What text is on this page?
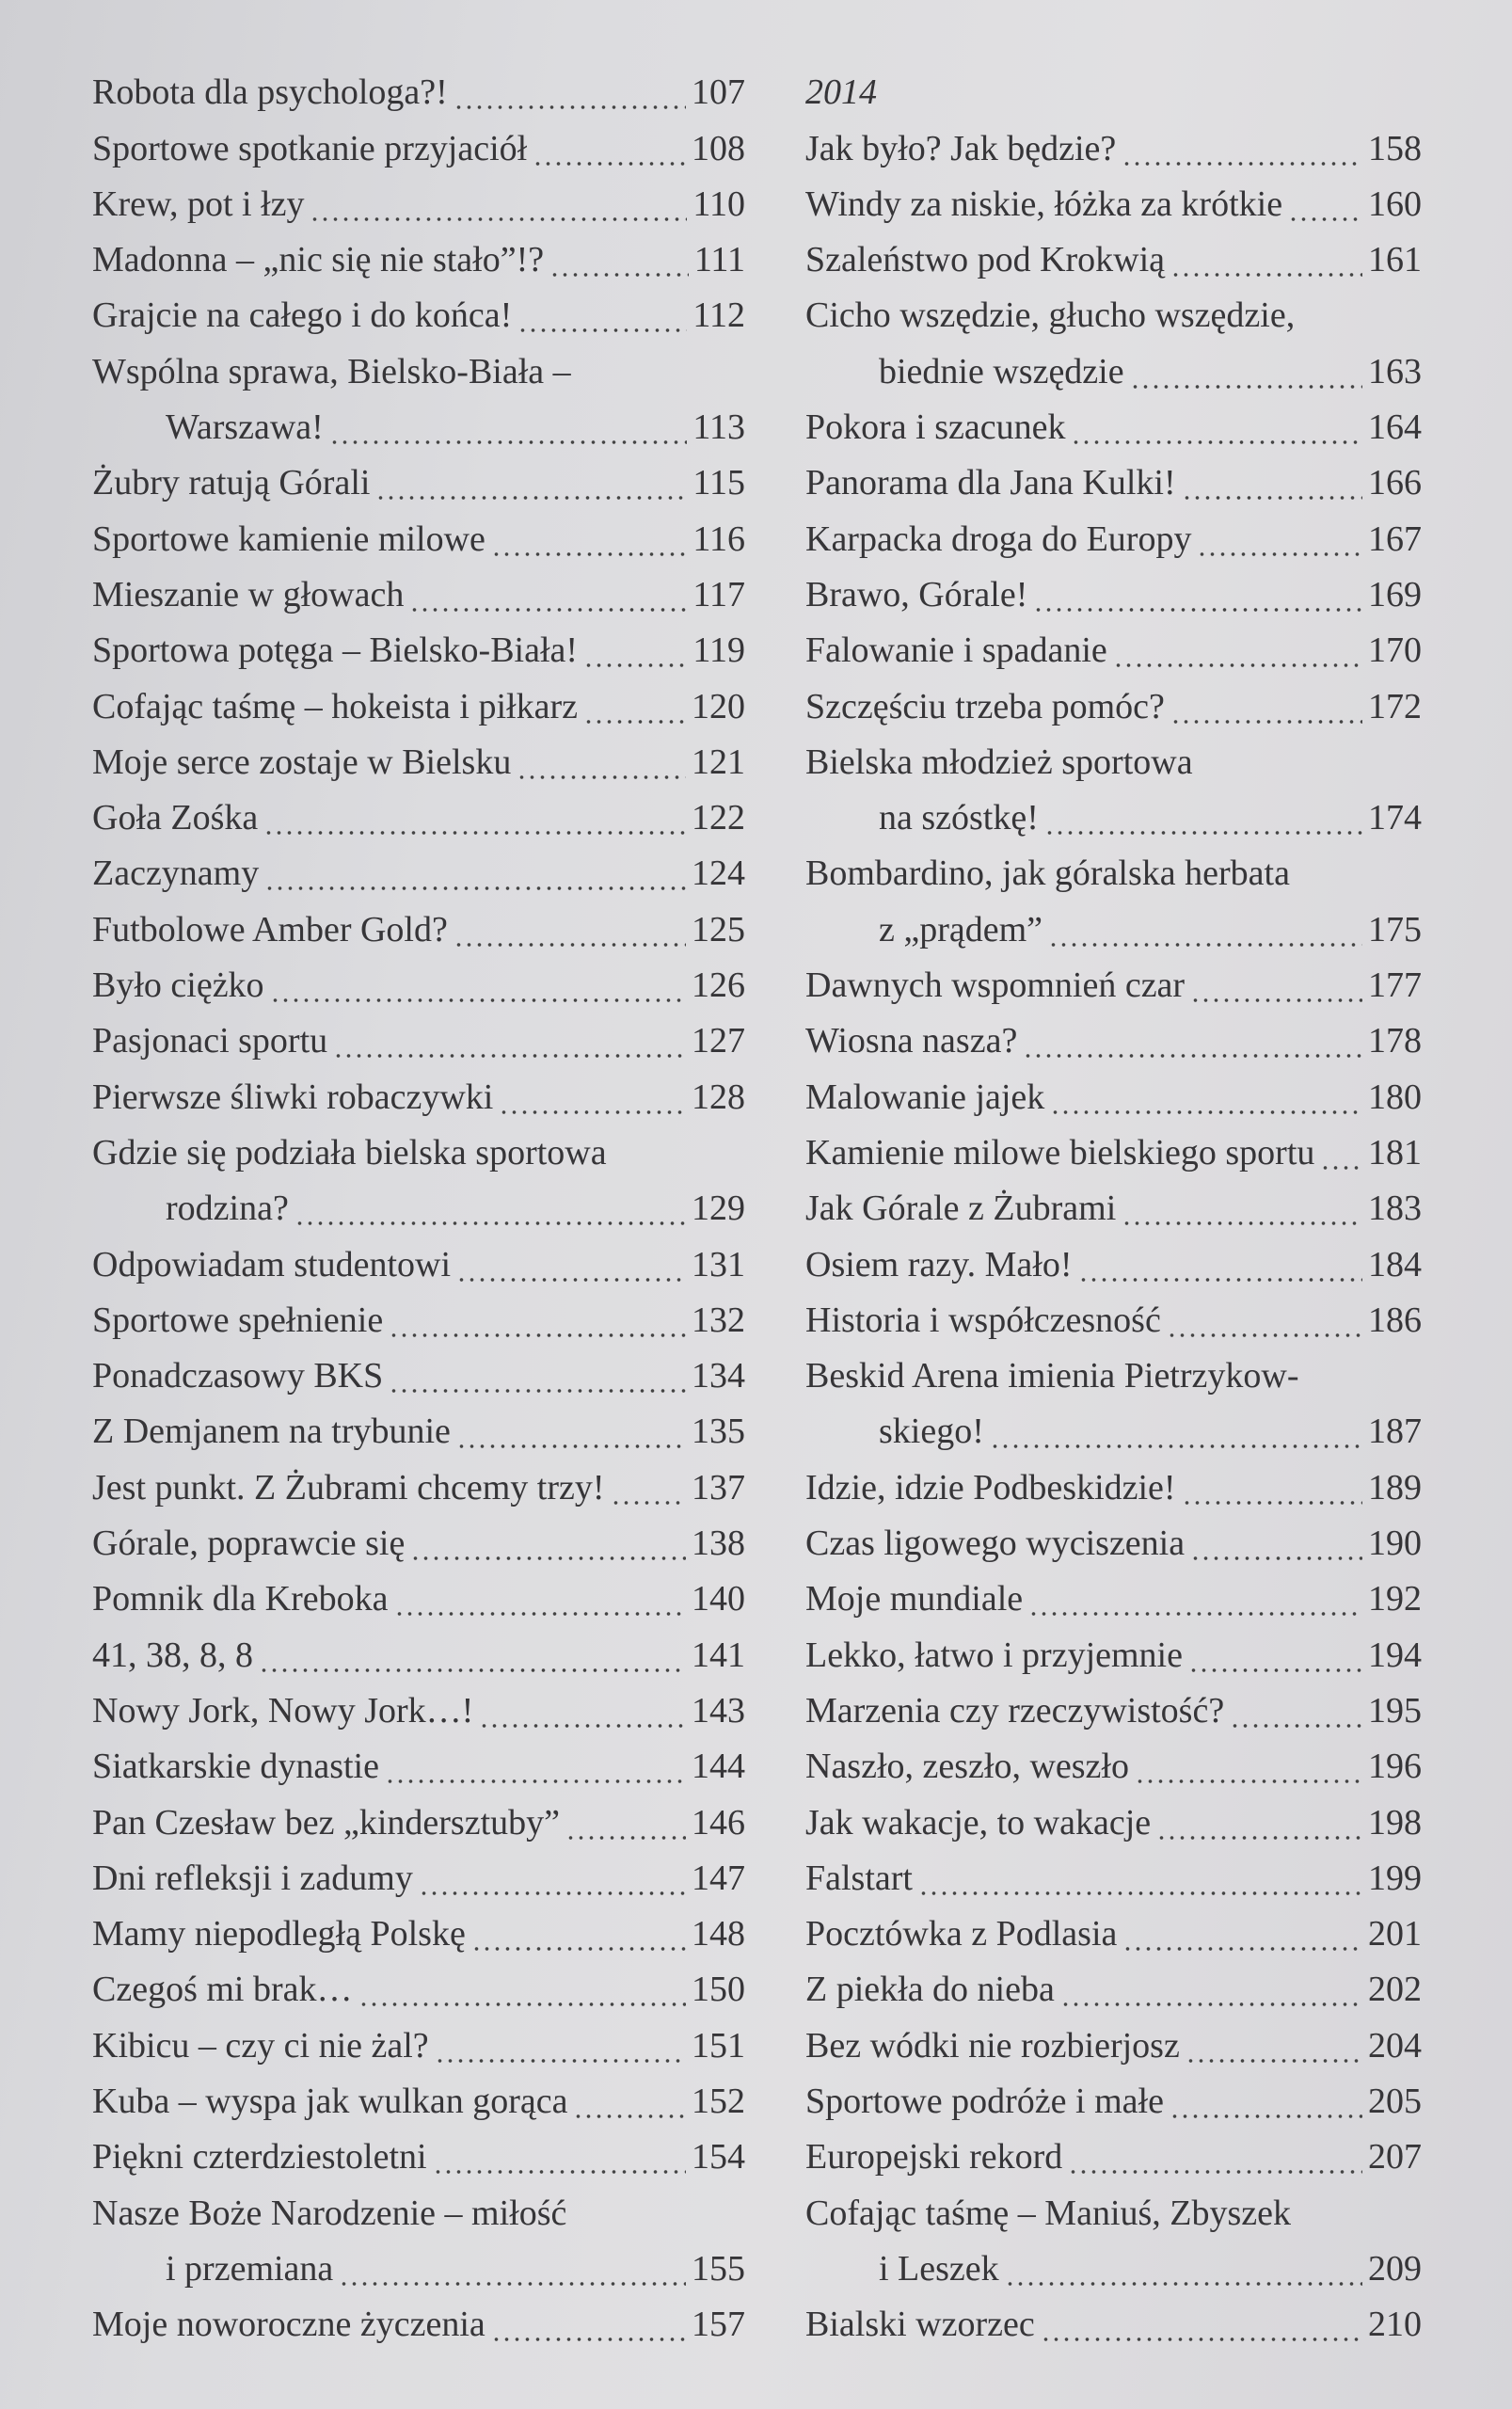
Robota dla psychologa?!	107
Sportowe spotkanie przyjaciół	108
Krew, pot i łzy	110
Madonna – „nic się nie stało”!?	111
Grajcie na całego i do końca!	112
Wspólna sprawa, Bielsko-Biała –
Warszawa!	113
Żubry ratują Górali	115
Sportowe kamienie milowe	116
Mieszanie w głowach	117
Sportowa potęga – Bielsko-Biała!	119
Cofając taśmę – hokeista i piłkarz	120
Moje serce zostaje w Bielsku	121
Goła Zośka	122
Zaczynamy	124
Futbolowe Amber Gold?	125
Było ciężko	126
Pasjonaci sportu	127
Pierwsze śliwki robaczywki	128
Gdzie się podziała bielska sportowa
rodzina?	129
Odpowiadam studentowi	131
Sportowe spełnienie	132
Ponadczasowy BKS	134
Z Demjanem na trybunie	135
Jest punkt. Z Żubrami chcemy trzy! 137
Górale, poprawcie się	138
Pomnik dla Kreboka	140
41, 38, 8, 8	141
Nowy Jork, Nowy Jork…!	143
Siatkarskie dynastie	144
Pan Czesław bez „kindersztuby”	146
Dni refleksji i zadumy	147
Mamy niepodległą Polskę	148
Czegoś mi brak…	150
Kibicu – czy ci nie żal?	151
Kuba – wyspa jak wulkan gorąca	152
Piękni czterdziestoletni	154
Nasze Boże Narodzenie – miłość
i przemiana	155
Moje noworoczne życzenia	157
2014
Jak było? Jak będzie?	158
Windy za niskie, łóżka za krótkie 160
Szaleństwo pod Krokwią	161
Cicho wszędzie, głucho wszędzie,
biednie wszędzie	163
Pokora i szacunek	164
Panorama dla Jana Kulki!	166
Karpacka droga do Europy	167
Brawo, Górale!	169
Falowanie i spadanie	170
Szczęściu trzeba pomóc?	172
Bielska młodzież sportowa
na szóstkę!	174
Bombardino, jak góralska herbata
z „prądem”	175
Dawnych wspomnień czar	177
Wiosna nasza?	178
Malowanie jajek	180
Kamienie milowe bielskiego sportu 181
Jak Górale z Żubrami	183
Osiem razy. Mało!	184
Historia i współczesność	186
Beskid Arena imienia Pietrzykow-
skiego!	187
Idzie, idzie Podbeskidzie!	189
Czas ligowego wyciszenia	190
Moje mundiale	192
Lekko, łatwo i przyjemnie	194
Marzenia czy rzeczywistość?	195
Naszło, zeszło, weszło	196
Jak wakacje, to wakacje	198
Falstart	199
Pocztówka z Podlasia	201
Z piekła do nieba	202
Bez wódki nie rozbierjosz	204
Sportowe podróże i małe	205
Europejski rekord	207
Cofając taśmę – Maniuś, Zbyszek
i Leszek	209
Bialski wzorzec	210
